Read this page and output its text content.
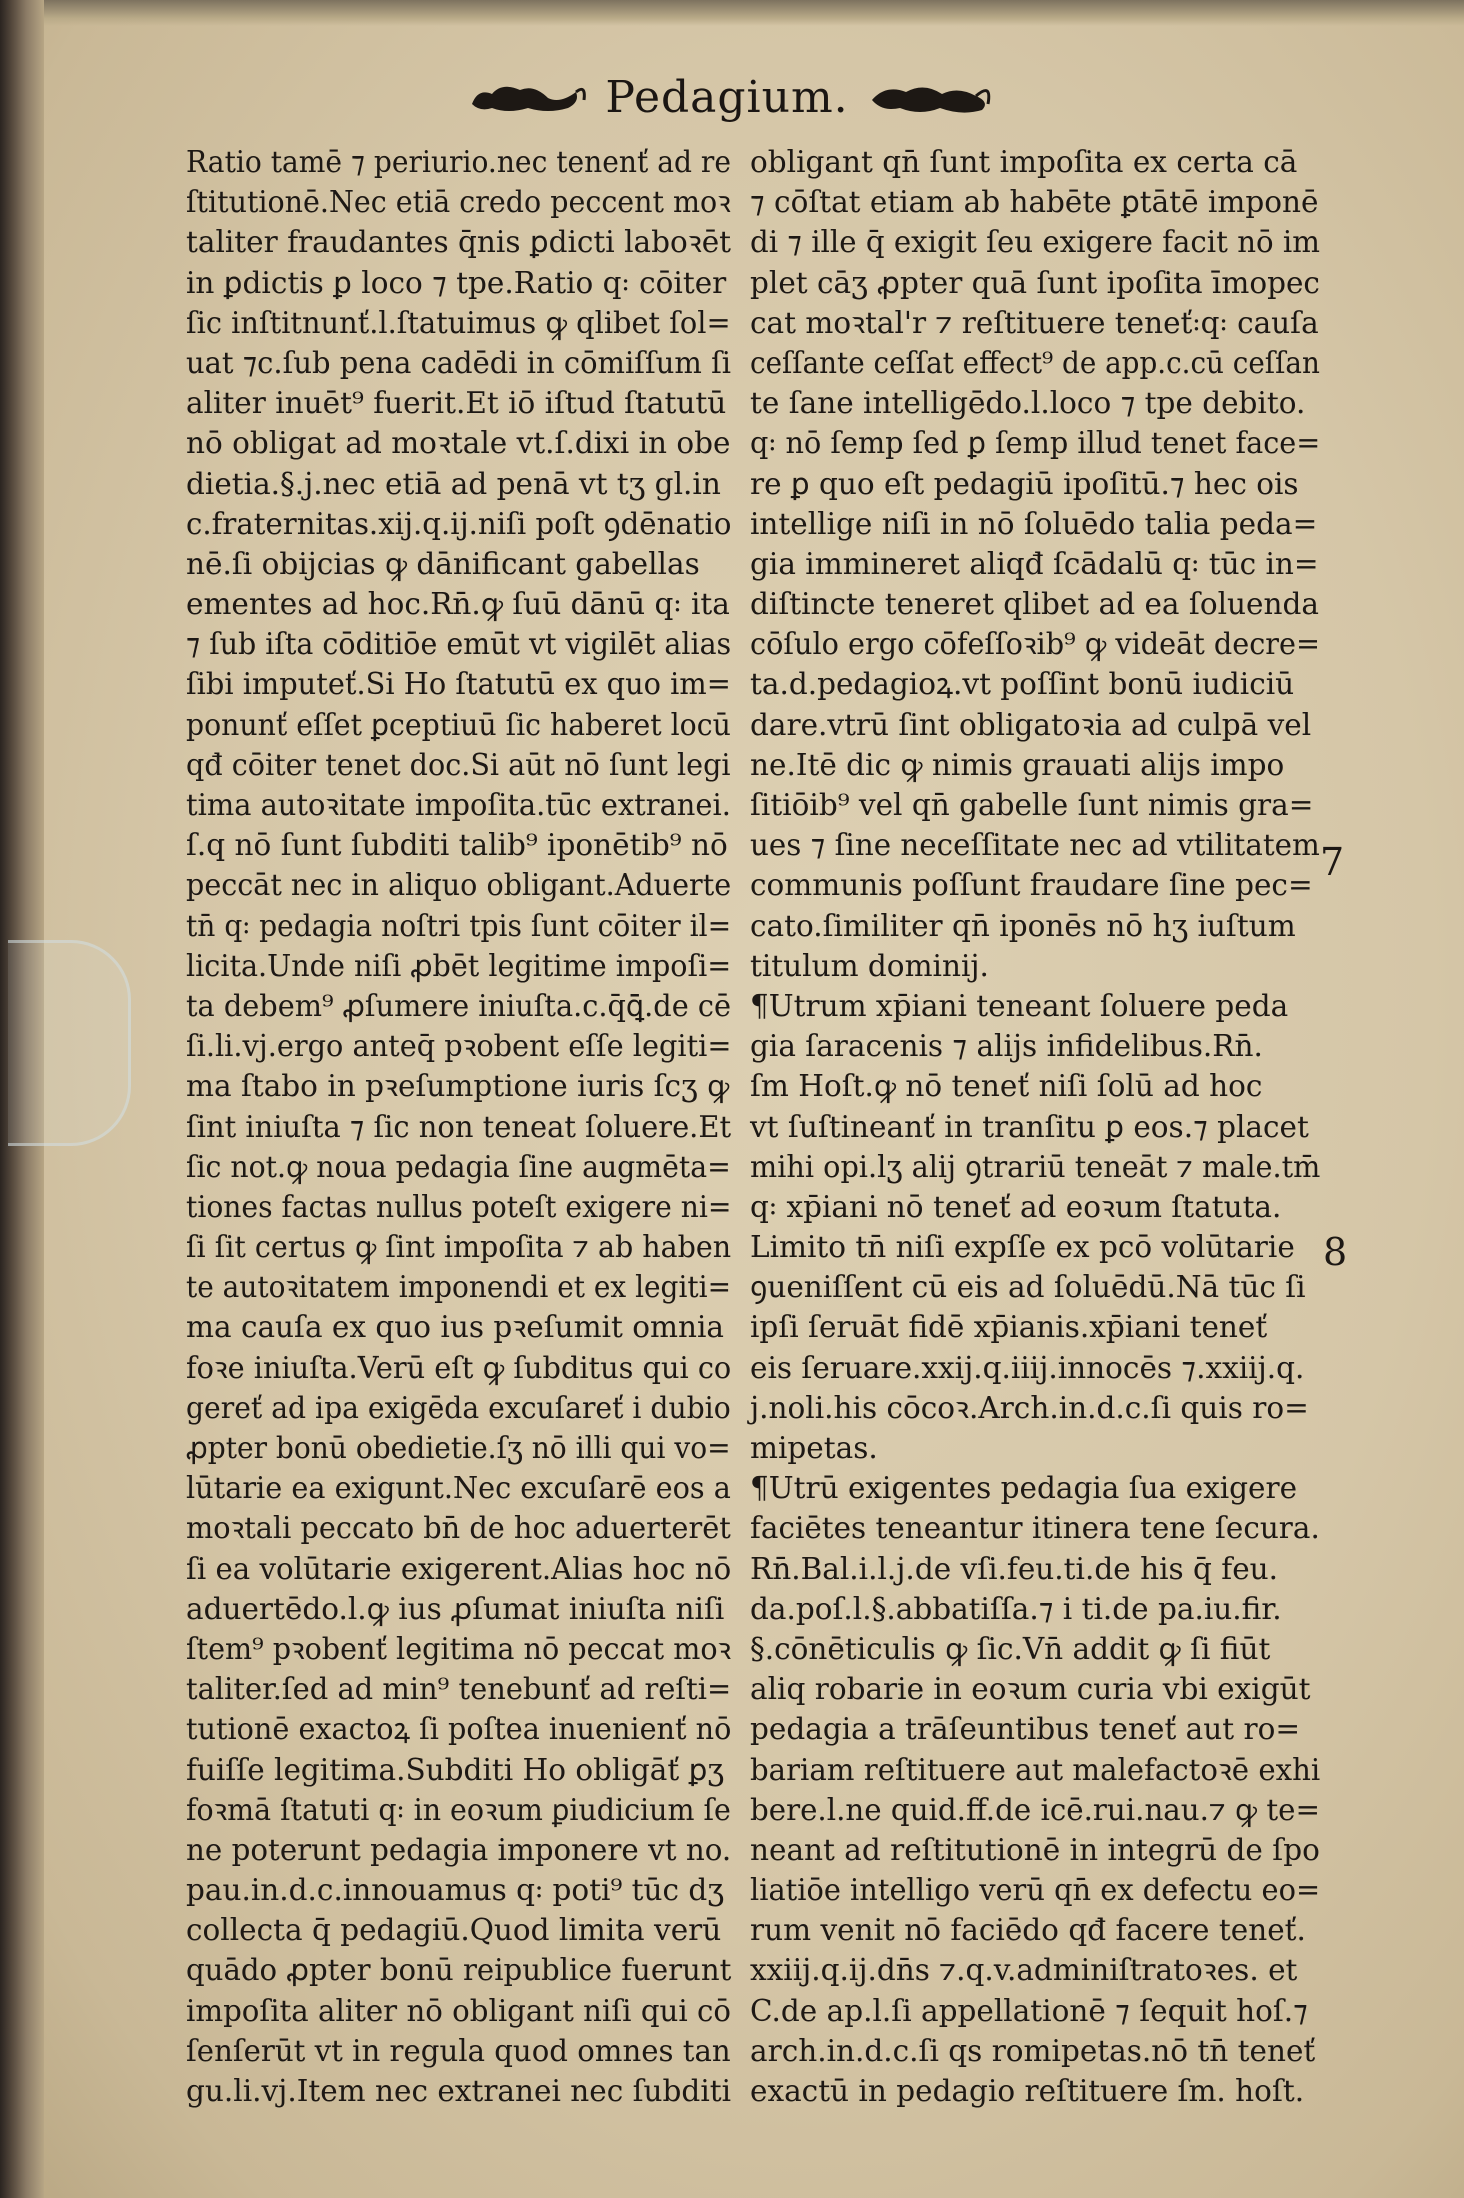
Pedagium.
Ratio tamē ⁊ periurio.nec tenenť ad re
ſtitutionē.Nec etiā credo peccent moꝛ
taliter fraudantes q̄nis ꝑdicti laboꝛēt
in ꝑdictis ꝑ loco ⁊ tpe.Ratio q꞉ cōiter
ſic inſtitnunť.l.ſtatuimus ꝙ qlibet ſol=
uat ⁊c.ſub pena cadēdi in cōmiſſum ſi
aliter inuēt⁹ fuerit.Et iō iſtud ſtatutū
nō obligat ad moꝛtale vt.ſ.dixi in obe
dietia.§.j.nec etiā ad penā vt tʒ gl.in
c.fraternitas.xij.q.ij.niſi poſt ꝯdēnatio
nē.ſi obijcias ꝙ dānificant gabellas
ementes ad hoc.Rn̄.ꝙ ſuū dānū q꞉ ita
⁊ ſub iſta cōditiōe emūt vt vigilēt alias
ſibi imputeť.Si Ho ſtatutū ex quo im=
ponunť eſſet ꝑceptiuū ſic haberet locū
qđ cōiter tenet doc.Si aūt nō ſunt legi
tima autoꝛitate impoſita.tūc extranei.
ſ.q nō ſunt ſubditi talib⁹ iponētib⁹ nō
peccāt nec in aliquo obligant.Aduerte
tn̄ q꞉ pedagia noſtri tpis ſunt cōiter il=
licita.Unde niſi ꝓbēt legitime impoſi=
ta debem⁹ ꝓſumere iniuſta.c.q̄ꝗ̄.de cē
ſi.li.vj.ergo anteq̄ pꝛobent eſſe legiti=
ma ſtabo in pꝛeſumptione iuris ſcʒ ꝙ
ſint iniuſta ⁊ ſic non teneat ſoluere.Et
ſic not.ꝙ noua pedagia ſine augmēta=
tiones factas nullus poteſt exigere ni=
ſi ſit certus ꝙ ſint impoſita ⁊ ab haben
te autoꝛitatem imponendi et ex legiti=
ma cauſa ex quo ius pꝛeſumit omnia
foꝛe iniuſta.Verū eſt ꝙ ſubditus qui co
gereť ad ipa exigēda excuſareť i dubio
ꝓpter bonū obedietie.ſʒ nō illi qui vo=
lūtarie ea exigunt.Nec excuſarē eos a
moꝛtali peccato bn̄ de hoc aduerterēt
ſi ea volūtarie exigerent.Alias hoc nō
aduertēdo.l.ꝙ ius ꝓſumat iniuſta niſi
ſtem⁹ pꝛobenť legitima nō peccat moꝛ
taliter.ſed ad min⁹ tenebunť ad reſti=
tutionē exactoꝝ ſi poſtea inuenienť nō
fuiſſe legitima.Subditi Ho obligāť ꝑʒ
foꝛmā ſtatuti q꞉ in eoꝛum ꝑiudicium ſe
ne poterunt pedagia imponere vt no.
pau.in.d.c.innouamus q꞉ poti⁹ tūc dʒ
collecta q̄ pedagiū.Quod limita verū
quādo ꝓpter bonū reipublice fuerunt
impoſita aliter nō obligant niſi qui cō
ſenſerūt vt in regula quod omnes tan
gu.li.vj.Item nec extranei nec ſubditi
obligant qn̄ ſunt impoſita ex certa cā
⁊ cōſtat etiam ab habēte ꝑtātē imponē
di ⁊ ille q̄ exigit ſeu exigere facit nō im
plet cāʒ ꝓpter quā ſunt ipoſita īmopec
cat moꝛtal'r ⁊ reſtituere teneť꞉q꞉ cauſa
ceſſante ceſſat effect⁹ de app.c.cū ceſſan
te ſane intelligēdo.l.loco ⁊ tpe debito.
q꞉ nō ſemp ſed ꝑ ſemp illud tenet face=
re ꝑ quo eſt pedagiū ipoſitū.⁊ hec ois
intellige niſi in nō ſoluēdo talia peda=
gia immineret aliqđ ſcādalū q꞉ tūc in=
diſtincte teneret qlibet ad ea ſoluenda
cōſulo ergo cōfeſſoꝛib⁹ ꝙ videāt decre=
ta.d.pedagioꝝ.vt poſſint bonū iudiciū
dare.vtrū ſint obligatoꝛia ad culpā vel
ne.Itē dic ꝙ nimis grauati alijs impo
ſitiōib⁹ vel qn̄ gabelle ſunt nimis gra=
ues ⁊ ſine neceſſitate nec ad vtilitatem
communis poſſunt fraudare ſine pec=
cato.ſimiliter qn̄ iponēs nō hʒ iuſtum
titulum dominij.
¶Utrum xp̄iani teneant ſoluere peda
gia ſaracenis ⁊ alijs infidelibus.Rn̄.
ſm Hoſt.ꝙ nō teneť niſi ſolū ad hoc
vt ſuſtineanť in tranſitu ꝑ eos.⁊ placet
mihi opi.lʒ alij ꝯtrariū teneāt ⁊ male.tm̄
q꞉ xp̄iani nō teneť ad eoꝛum ſtatuta.
Limito tn̄ niſi expſſe ex pcō volūtarie
ꝯueniſſent cū eis ad ſoluēdū.Nā tūc ſi
ipſi ſeruāt fidē xp̄ianis.xp̄iani teneť
eis ſeruare.xxij.q.iiij.innocēs ⁊.xxiij.q.
j.noli.his cōcoꝛ.Arch.in.d.c.ſi quis ro=
mipetas.
¶Utrū exigentes pedagia ſua exigere
faciētes teneantur itinera tene ſecura.
Rn̄.Bal.i.l.j.de vſi.feu.ti.de his q̄ feu.
da.poſ.l.§.abbatiſſa.⁊ i ti.de pa.iu.fir.
§.cōnēticulis ꝙ ſic.Vn̄ addit ꝙ ſi fiūt
aliq robarie in eoꝛum curia vbi exigūt
pedagia a trāſeuntibus teneť aut ro=
bariam reſtituere aut malefactoꝛē exhi
bere.l.ne quid.ff.de icē.rui.nau.⁊ ꝙ te=
neant ad reſtitutionē in integrū de ſpo
liatiōe intelligo verū qn̄ ex defectu eo=
rum venit nō faciēdo qđ facere teneť.
xxiij.q.ij.dn̄s ⁊.q.v.adminiſtratoꝛes. et
C.de ap.l.ſi appellationē ⁊ ſequit hoſ.⁊
arch.in.d.c.ſi qs romipetas.nō tn̄ teneť
exactū in pedagio reſtituere ſm. hoſt.
7
8
